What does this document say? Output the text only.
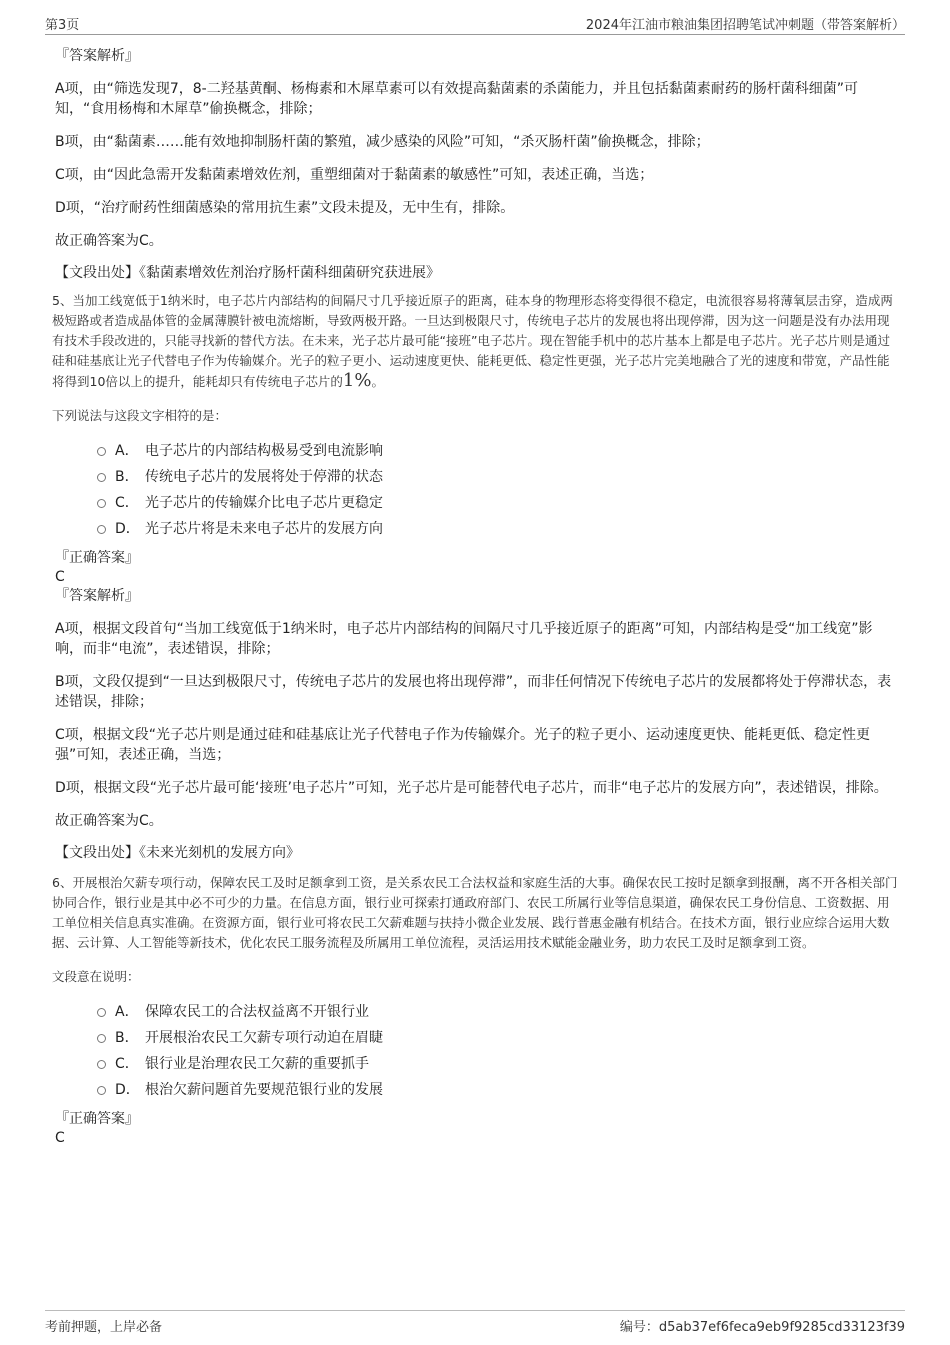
第3页	2024年江油市粮油集团招聘笔试冲刺题（带答案解析）

『答案解析』

A项，由“筛选发现7，8-二羟基黄酮、杨梅素和木犀草素可以有效提高黏菌素的杀菌能力，并且包括黏菌素耐药的肠杆菌科细菌”可知，“食用杨梅和木犀草”偷换概念，排除；

B项，由“黏菌素……能有效地抑制肠杆菌的繁殖，减少感染的风险”可知，“杀灭肠杆菌”偷换概念，排除；

C项，由“因此急需开发黏菌素增效佐剂，重塑细菌对于黏菌素的敏感性”可知，表述正确，当选；

D项，“治疗耐药性细菌感染的常用抗生素”文段未提及，无中生有，排除。

故正确答案为C。

【文段出处】《黏菌素增效佐剂治疗肠杆菌科细菌研究获进展》

5、当加工线宽低于1纳米时，电子芯片内部结构的间隔尺寸几乎接近原子的距离，硅本身的物理形态将变得很不稳定，电流很容易将薄氧层击穿，造成两极短路或者造成晶体管的金属薄膜针被电流熔断，导致两极开路。一旦达到极限尺寸，传统电子芯片的发展也将出现停滞，因为这一问题是没有办法用现有技术手段改进的，只能寻找新的替代方法。在未来，光子芯片最可能“接班”电子芯片。现在智能手机中的芯片基本上都是电子芯片。光子芯片则是通过硅和硅基底让光子代替电子作为传输媒介。光子的粒子更小、运动速度更快、能耗更低、稳定性更强，光子芯片完美地融合了光的速度和带宽，产品性能将得到10倍以上的提升，能耗却只有传统电子芯片的1%。

下列说法与这段文字相符的是：

A． 电子芯片的内部结构极易受到电流影响
B． 传统电子芯片的发展将处于停滞的状态
C． 光子芯片的传输媒介比电子芯片更稳定
D． 光子芯片将是未来电子芯片的发展方向

『正确答案』

C

『答案解析』

A项，根据文段首句“当加工线宽低于1纳米时，电子芯片内部结构的间隔尺寸几乎接近原子的距离”可知，内部结构是受“加工线宽”影响，而非“电流”，表述错误，排除；

B项，文段仅提到“一旦达到极限尺寸，传统电子芯片的发展也将出现停滞”，而非任何情况下传统电子芯片的发展都将处于停滞状态，表述错误，排除；

C项，根据文段“光子芯片则是通过硅和硅基底让光子代替电子作为传输媒介。光子的粒子更小、运动速度更快、能耗更低、稳定性更强”可知，表述正确，当选；

D项，根据文段“光子芯片最可能‘接班’电子芯片”可知，光子芯片是可能替代电子芯片，而非“电子芯片的发展方向”，表述错误，排除。

故正确答案为C。

【文段出处】《未来光刻机的发展方向》

6、开展根治欠薪专项行动，保障农民工及时足额拿到工资，是关系农民工合法权益和家庭生活的大事。确保农民工按时足额拿到报酬，离不开各相关部门协同合作，银行业是其中必不可少的力量。在信息方面，银行业可探索打通政府部门、农民工所属行业等信息渠道，确保农民工身份信息、工资数据、用工单位相关信息真实准确。在资源方面，银行业可将农民工欠薪难题与扶持小微企业发展、践行普惠金融有机结合。在技术方面，银行业应综合运用大数据、云计算、人工智能等新技术，优化农民工服务流程及所属用工单位流程，灵活运用技术赋能金融业务，助力农民工及时足额拿到工资。

文段意在说明：

A． 保障农民工的合法权益离不开银行业
B． 开展根治农民工欠薪专项行动迫在眉睫
C． 银行业是治理农民工欠薪的重要抓手
D． 根治欠薪问题首先要规范银行业的发展

『正确答案』

C

考前押题，上岸必备	编号：d5ab37ef6feca9eb9f9285cd33123f39
